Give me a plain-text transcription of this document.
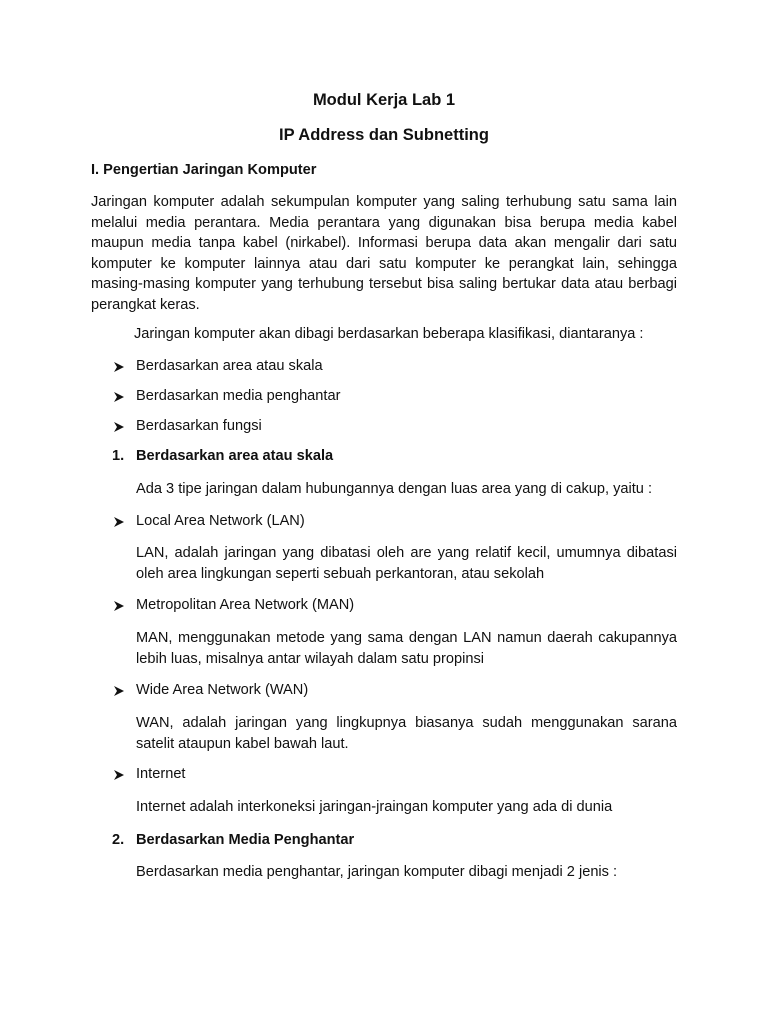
Modul Kerja Lab 1
IP Address dan Subnetting
I. Pengertian Jaringan Komputer
Jaringan komputer adalah sekumpulan komputer yang saling terhubung satu sama lain melalui media perantara. Media perantara yang digunakan bisa berupa media kabel maupun media tanpa kabel (nirkabel). Informasi berupa data akan mengalir dari satu komputer ke komputer lainnya atau dari satu komputer ke perangkat lain, sehingga masing-masing komputer yang terhubung tersebut bisa saling bertukar data atau berbagi perangkat keras.
Jaringan komputer akan dibagi berdasarkan beberapa klasifikasi, diantaranya :
Berdasarkan area atau skala
Berdasarkan media penghantar
Berdasarkan fungsi
1. Berdasarkan area atau skala
Ada 3 tipe jaringan dalam hubungannya dengan luas area yang di cakup, yaitu :
Local Area Network (LAN)
LAN, adalah jaringan yang dibatasi oleh are yang relatif kecil, umumnya dibatasi oleh area lingkungan seperti sebuah perkantoran, atau sekolah
Metropolitan Area Network (MAN)
MAN, menggunakan metode yang sama dengan LAN namun daerah cakupannya lebih luas, misalnya antar wilayah dalam satu propinsi
Wide Area Network (WAN)
WAN, adalah jaringan yang lingkupnya biasanya sudah menggunakan sarana satelit ataupun kabel bawah laut.
Internet
Internet adalah interkoneksi jaringan-jraingan komputer yang ada di dunia
2. Berdasarkan Media Penghantar
Berdasarkan media penghantar, jaringan komputer dibagi menjadi 2 jenis :
